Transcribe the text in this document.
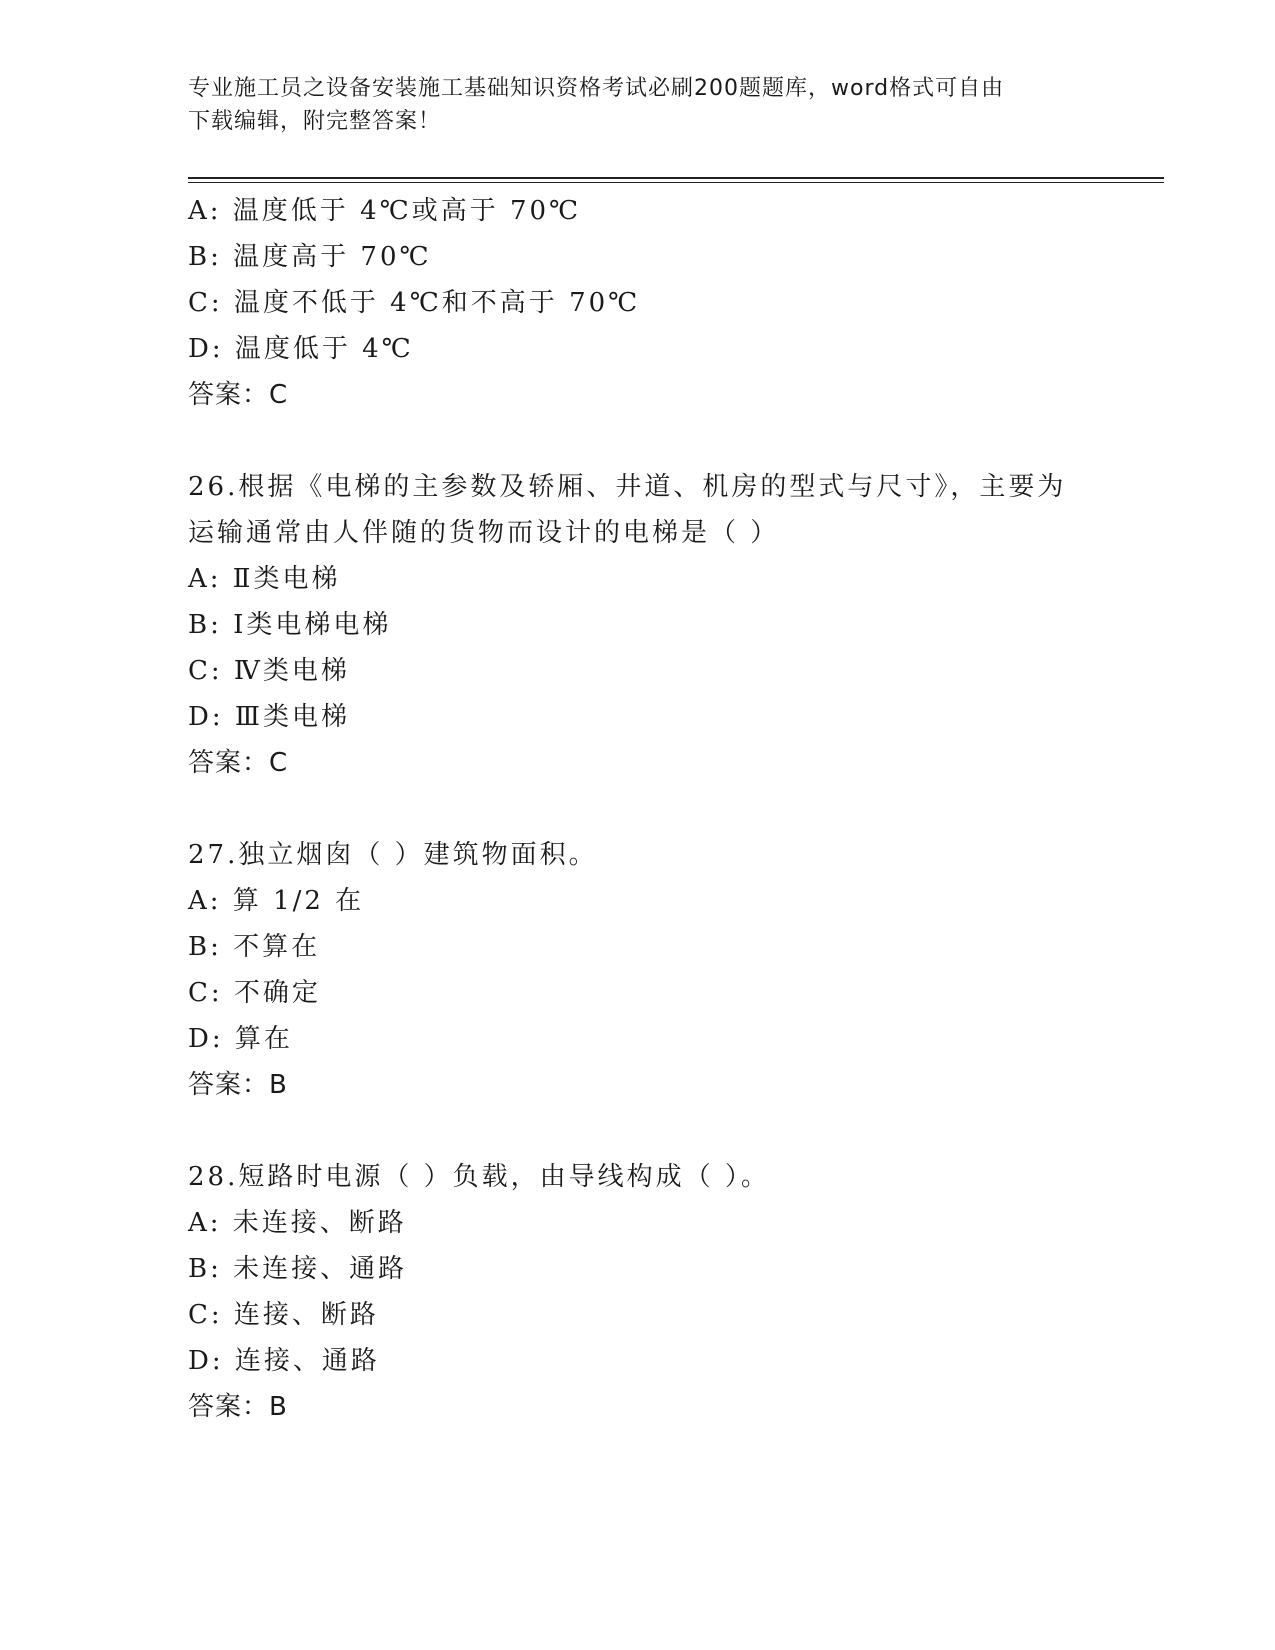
专业施工员之设备安装施工基础知识资格考试必刷200题题库，word格式可自由
下载编辑，附完整答案！
A: 温度低于 4℃或高于 70℃
B: 温度高于 70℃
C: 温度不低于 4℃和不高于 70℃
D: 温度低于 4℃
答案：C
26.根据《电梯的主参数及轿厢、井道、机房的型式与尺寸》，主要为
运输通常由人伴随的货物而设计的电梯是（ ）
A: Ⅱ类电梯
B: Ⅰ类电梯电梯
C: Ⅳ类电梯
D: Ⅲ类电梯
答案：C
27.独立烟囱（ ）建筑物面积。
A: 算 1/2 在
B: 不算在
C: 不确定
D: 算在
答案：B
28.短路时电源（ ）负载，由导线构成（ ）。
A: 未连接、断路
B: 未连接、通路
C: 连接、断路
D: 连接、通路
答案：B
